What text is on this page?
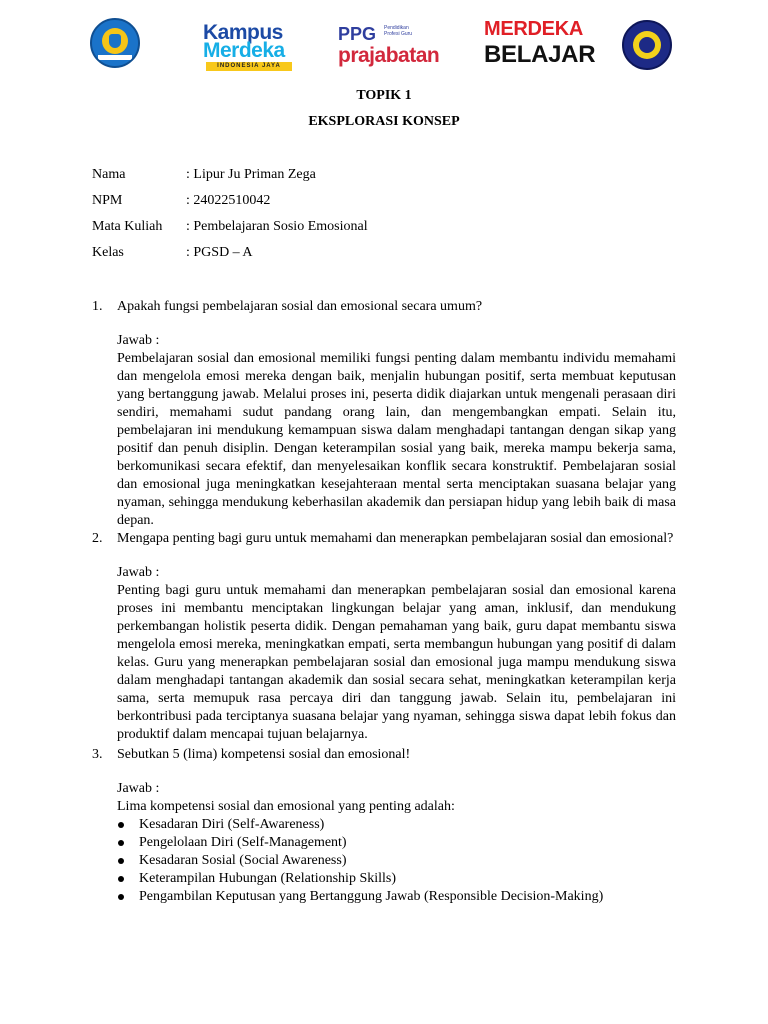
Kampus
Merdeka
INDONESIA JAYA
PPG Pendidikan Profesi Guru
prajabatan
MERDEKA
BELAJAR
TOPIK 1
EKSPLORASI KONSEP
Nama	: Lipur Ju Priman Zega
NPM	: 24022510042
Mata Kuliah : Pembelajaran Sosio Emosional
Kelas	: PGSD – A
1. Apakah fungsi pembelajaran sosial dan emosional secara umum?
Jawab :
Pembelajaran sosial dan emosional memiliki fungsi penting dalam membantu individu memahami dan mengelola emosi mereka dengan baik, menjalin hubungan positif, serta membuat keputusan yang bertanggung jawab. Melalui proses ini, peserta didik diajarkan untuk mengenali perasaan diri sendiri, memahami sudut pandang orang lain, dan mengembangkan empati. Selain itu, pembelajaran ini mendukung kemampuan siswa dalam menghadapi tantangan dengan sikap yang positif dan penuh disiplin. Dengan keterampilan sosial yang baik, mereka mampu bekerja sama, berkomunikasi secara efektif, dan menyelesaikan konflik secara konstruktif. Pembelajaran sosial dan emosional juga meningkatkan kesejahteraan mental serta menciptakan suasana belajar yang nyaman, sehingga mendukung keberhasilan akademik dan persiapan hidup yang lebih baik di masa depan.
2. Mengapa penting bagi guru untuk memahami dan menerapkan pembelajaran sosial dan emosional?
Jawab :
Penting bagi guru untuk memahami dan menerapkan pembelajaran sosial dan emosional karena proses ini membantu menciptakan lingkungan belajar yang aman, inklusif, dan mendukung perkembangan holistik peserta didik. Dengan pemahaman yang baik, guru dapat membantu siswa mengelola emosi mereka, meningkatkan empati, serta membangun hubungan yang positif di dalam kelas. Guru yang menerapkan pembelajaran sosial dan emosional juga mampu mendukung siswa dalam menghadapi tantangan akademik dan sosial secara sehat, meningkatkan keterampilan kerja sama, serta memupuk rasa percaya diri dan tanggung jawab. Selain itu, pembelajaran ini berkontribusi pada terciptanya suasana belajar yang nyaman, sehingga siswa dapat lebih fokus dan produktif dalam mencapai tujuan belajarnya.
3. Sebutkan 5 (lima) kompetensi sosial dan emosional!
Jawab :
Lima kompetensi sosial dan emosional yang penting adalah:
Kesadaran Diri (Self-Awareness)
Pengelolaan Diri (Self-Management)
Kesadaran Sosial (Social Awareness)
Keterampilan Hubungan (Relationship Skills)
Pengambilan Keputusan yang Bertanggung Jawab (Responsible Decision-Making)
